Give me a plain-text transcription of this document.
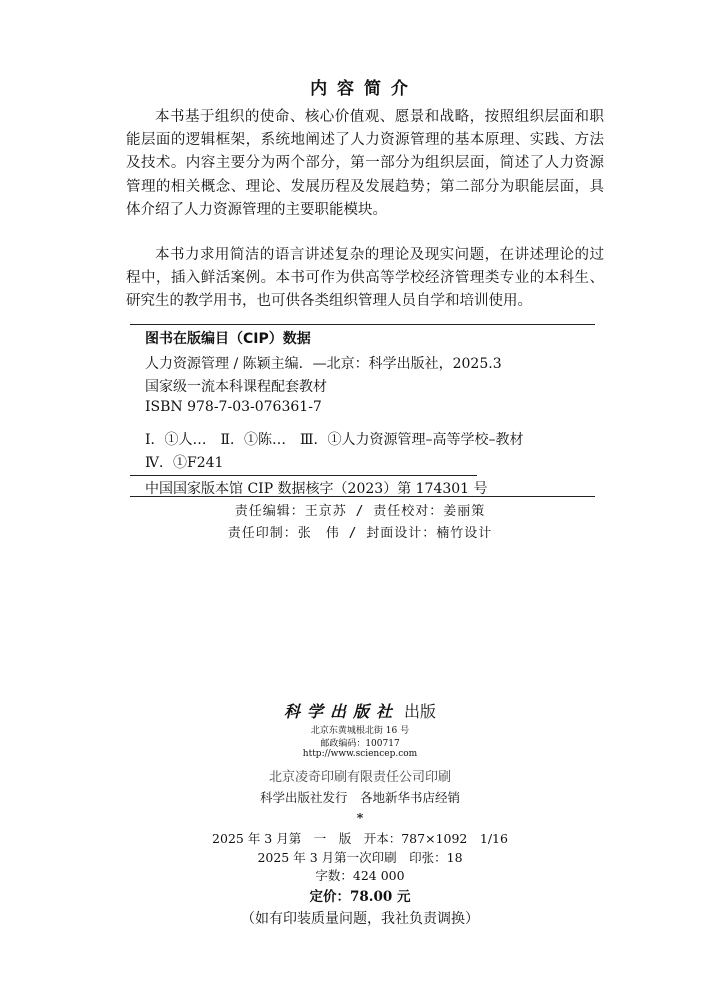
内 容 简 介

本书基于组织的使命、核心价值观、愿景和战略，按照组织层面和职能层面的逻辑框架，系统地阐述了人力资源管理的基本原理、实践、方法及技术。内容主要分为两个部分，第一部分为组织层面，简述了人力资源管理的相关概念、理论、发展历程及发展趋势；第二部分为职能层面，具体介绍了人力资源管理的主要职能模块。

本书力求用简洁的语言讲述复杂的理论及现实问题，在讲述理论的过程中，插入鲜活案例。本书可作为供高等学校经济管理类专业的本科生、研究生的教学用书，也可供各类组织管理人员自学和培训使用。

图书在版编目（CIP）数据
人力资源管理 / 陈颖主编．—北京：科学出版社，2025.3
国家级一流本科课程配套教材
ISBN 978-7-03-076361-7
Ⅰ．①人…　Ⅱ．①陈…　Ⅲ．①人力资源管理–高等学校–教材
Ⅳ．①F241
中国国家版本馆 CIP 数据核字（2023）第 174301 号
责任编辑：王京苏 / 责任校对：姜丽策
责任印制：张　伟 / 封面设计：楠竹设计
科学出版社 出版
北京东黄城根北街 16 号
邮政编码：100717
http://www.sciencep.com
北京凌奇印刷有限责任公司印刷
科学出版社发行　各地新华书店经销
*
2025 年 3 月第　一　版　开本：787×1092　1/16
2025 年 3 月第一次印刷　印张：18
字数：424 000
定价：78.00 元
（如有印装质量问题，我社负责调换）
